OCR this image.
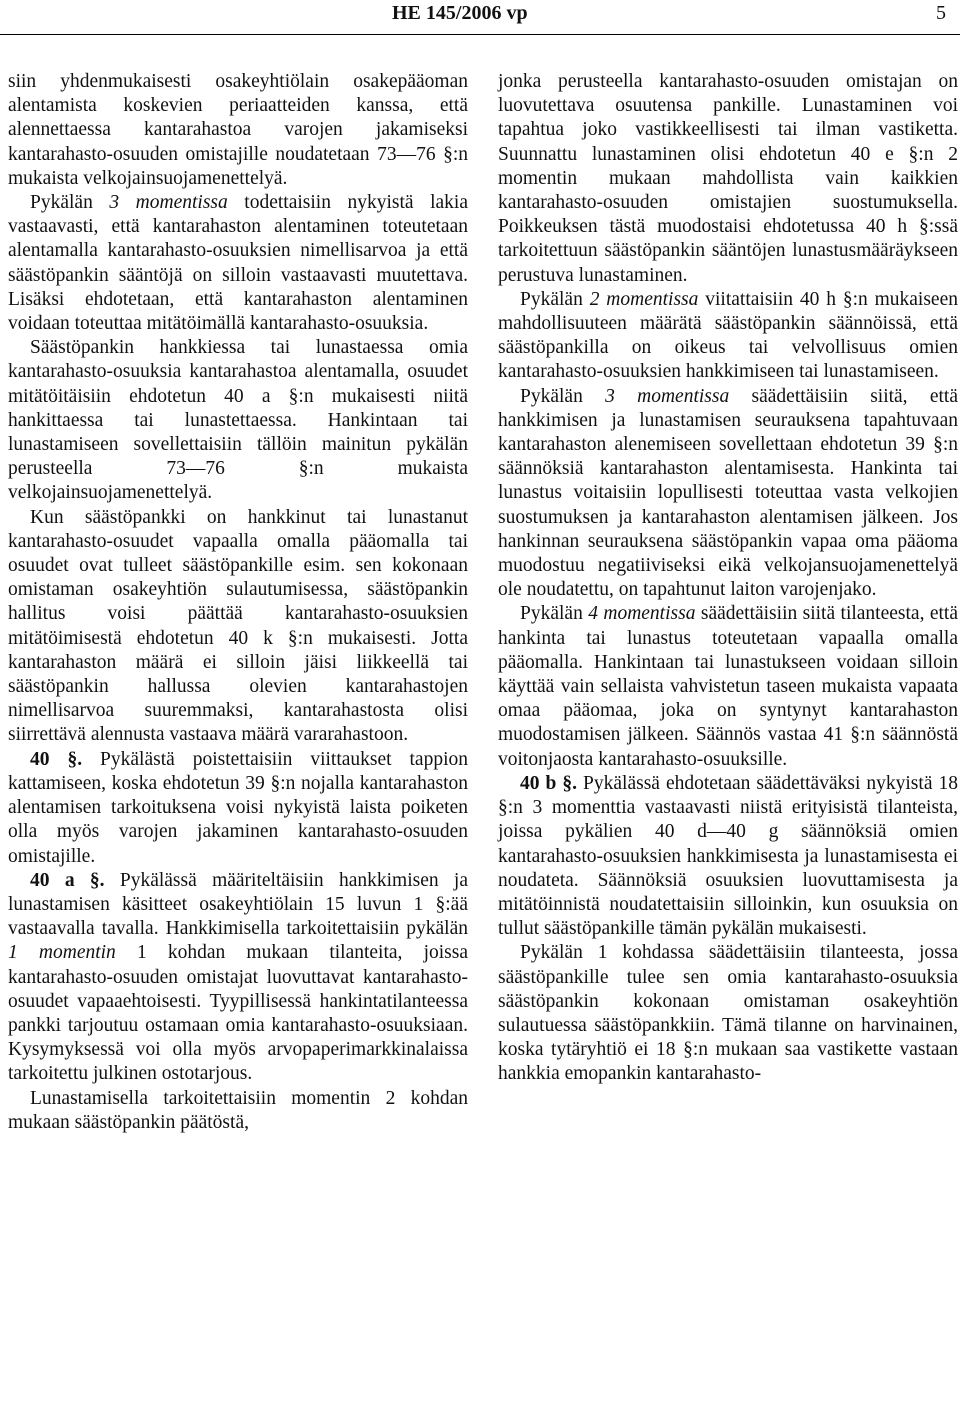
HE 145/2006 vp	5

siin yhdenmukaisesti osakeyhtiölain osakepääoman alentamista koskevien periaatteiden kanssa, että alennettaessa kantarahastoa varojen jakamiseksi kantarahasto-osuuden omistajille noudatetaan 73—76 §:n mukaista velkojainsuojamenettelyä.

Pykälän 3 momentissa todettaisiin nykyistä lakia vastaavasti, että kantarahaston alentaminen toteutetaan alentamalla kantarahasto-osuuksien nimellisarvoa ja että säästöpankin sääntöjä on silloin vastaavasti muutettava. Lisäksi ehdotetaan, että kantarahaston alentaminen voidaan toteuttaa mitätöimällä kantarahasto-osuuksia.

Säästöpankin hankkiessa tai lunastaessa omia kantarahasto-osuuksia kantarahastoa alentamalla, osuudet mitätöitäisiin ehdotetun 40 a §:n mukaisesti niitä hankittaessa tai lunastettaessa. Hankintaan tai lunastamiseen sovellettaisiin tällöin mainitun pykälän perusteella 73—76 §:n mukaista velkojainsuojamenettelyä.

Kun säästöpankki on hankkinut tai lunastanut kantarahasto-osuudet vapaalla omalla pääomalla tai osuudet ovat tulleet säästöpankille esim. sen kokonaan omistaman osakeyhtiön sulautumisessa, säästöpankin hallitus voisi päättää kantarahasto-osuuksien mitätöimisestä ehdotetun 40 k §:n mukaisesti. Jotta kantarahaston määrä ei silloin jäisi liikkeellä tai säästöpankin hallussa olevien kantarahastojen nimellisarvoa suuremmaksi, kantarahastosta olisi siirrettävä alennusta vastaava määrä vararahastoon.

40 §. Pykälästä poistettaisiin viittaukset tappion kattamiseen, koska ehdotetun 39 §:n nojalla kantarahaston alentamisen tarkoituksena voisi nykyistä laista poiketen olla myös varojen jakaminen kantarahasto-osuuden omistajille.

40 a §. Pykälässä määriteltäisiin hankkimisen ja lunastamisen käsitteet osakeyhtiölain 15 luvun 1 §:ää vastaavalla tavalla. Hankkimisella tarkoitettaisiin pykälän 1 momentin 1 kohdan mukaan tilanteita, joissa kantarahasto-osuuden omistajat luovuttavat kantarahasto-osuudet vapaaehtoisesti. Tyypillisessä hankintatilanteessa pankki tarjoutuu ostamaan omia kantarahasto-osuuksiaan. Kysymyksessä voi olla myös arvopaperimarkkinalaissa tarkoitettu julkinen ostotarjous.

Lunastamisella tarkoitettaisiin momentin 2 kohdan mukaan säästöpankin päätöstä,

jonka perusteella kantarahasto-osuuden omistajan on luovutettava osuutensa pankille. Lunastaminen voi tapahtua joko vastikkeellisesti tai ilman vastiketta. Suunnattu lunastaminen olisi ehdotetun 40 e §:n 2 momentin mukaan mahdollista vain kaikkien kantarahasto-osuuden omistajien suostumuksella. Poikkeuksen tästä muodostaisi ehdotetussa 40 h §:ssä tarkoitettuun säästöpankin sääntöjen lunastusmääräykseen perustuva lunastaminen.

Pykälän 2 momentissa viitattaisiin 40 h §:n mukaiseen mahdollisuuteen määrätä säästöpankin säännöissä, että säästöpankilla on oikeus tai velvollisuus omien kantarahasto-osuuksien hankkimiseen tai lunastamiseen.

Pykälän 3 momentissa säädettäisiin siitä, että hankkimisen ja lunastamisen seurauksena tapahtuvaan kantarahaston alenemiseen sovellettaan ehdotetun 39 §:n säännöksiä kantarahaston alentamisesta. Hankinta tai lunastus voitaisiin lopullisesti toteuttaa vasta velkojien suostumuksen ja kantarahaston alentamisen jälkeen. Jos hankinnan seurauksena säästöpankin vapaa oma pääoma muodostuu negatiiviseksi eikä velkojansuojamenettelyä ole noudatettu, on tapahtunut laiton varojenjako.

Pykälän 4 momentissa säädettäisiin siitä tilanteesta, että hankinta tai lunastus toteutetaan vapaalla omalla pääomalla. Hankintaan tai lunastukseen voidaan silloin käyttää vain sellaista vahvistetun taseen mukaista vapaata omaa pääomaa, joka on syntynyt kantarahaston muodostamisen jälkeen. Säännös vastaa 41 §:n säännöstä voitonjaosta kantarahasto-osuuksille.

40 b §. Pykälässä ehdotetaan säädettäväksi nykyistä 18 §:n 3 momenttia vastaavasti niistä erityisistä tilanteista, joissa pykälien 40 d—40 g säännöksiä omien kantarahasto-osuuksien hankkimisesta ja lunastamisesta ei noudateta. Säännöksiä osuuksien luovuttamisesta ja mitätöinnistä noudatettaisiin silloinkin, kun osuuksia on tullut säästöpankille tämän pykälän mukaisesti.

Pykälän 1 kohdassa säädettäisiin tilanteesta, jossa säästöpankille tulee sen omia kantarahasto-osuuksia säästöpankin kokonaan omistaman osakeyhtiön sulautuessa säästöpankkiin. Tämä tilanne on harvinainen, koska tytäryhtiö ei 18 §:n mukaan saa vastikette vastaan hankkia emopankin kantarahasto-
